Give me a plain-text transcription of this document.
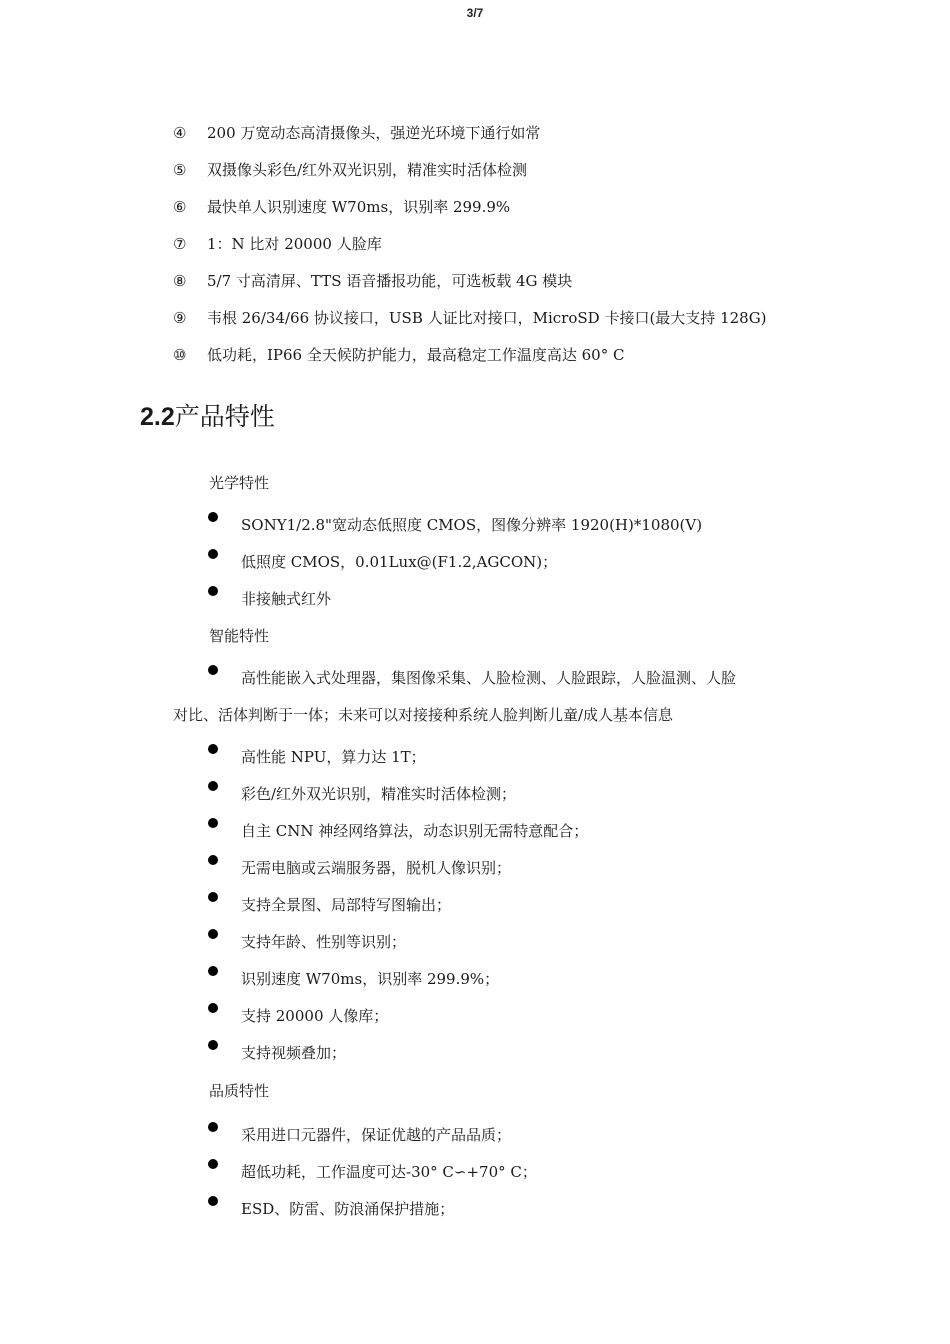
3/7
④	200 万宽动态高清摄像头，强逆光环境下通行如常
⑤	双摄像头彩色/红外双光识别，精准实时活体检测
⑥	最快单人识别速度 W70ms，识别率 299.9%
⑦	1：N 比对 20000 人脸库
⑧	5/7 寸高清屏、TTS 语音播报功能，可选板载 4G 模块
⑨	韦根 26/34/66 协议接口，USB 人证比对接口，MicroSD 卡接口(最大支持 128G)
⑩	低功耗，IP66 全天候防护能力，最高稳定工作温度高达 60° C
2.2产品特性
光学特性
SONY1/2.8"宽动态低照度 CMOS，图像分辨率 1920(H)*1080(V)
低照度 CMOS，0.01Lux@(F1.2,AGCON)；
非接触式红外
智能特性
高性能嵌入式处理器，集图像采集、人脸检测、人脸跟踪，人脸温测、人脸
对比、活体判断于一体；未来可以对接接种系统人脸判断儿童/成人基本信息
高性能 NPU，算力达 1T；
彩色/红外双光识别，精准实时活体检测；
自主 CNN 神经网络算法，动态识别无需特意配合；
无需电脑或云端服务器，脱机人像识别；
支持全景图、局部特写图输出；
支持年龄、性别等识别；
识别速度 W70ms，识别率 299.9%；
支持 20000 人像库；
支持视频叠加；
品质特性
采用进口元器件，保证优越的产品品质；
超低功耗，工作温度可达-30° C∽+70° C；
ESD、防雷、防浪涌保护措施；
